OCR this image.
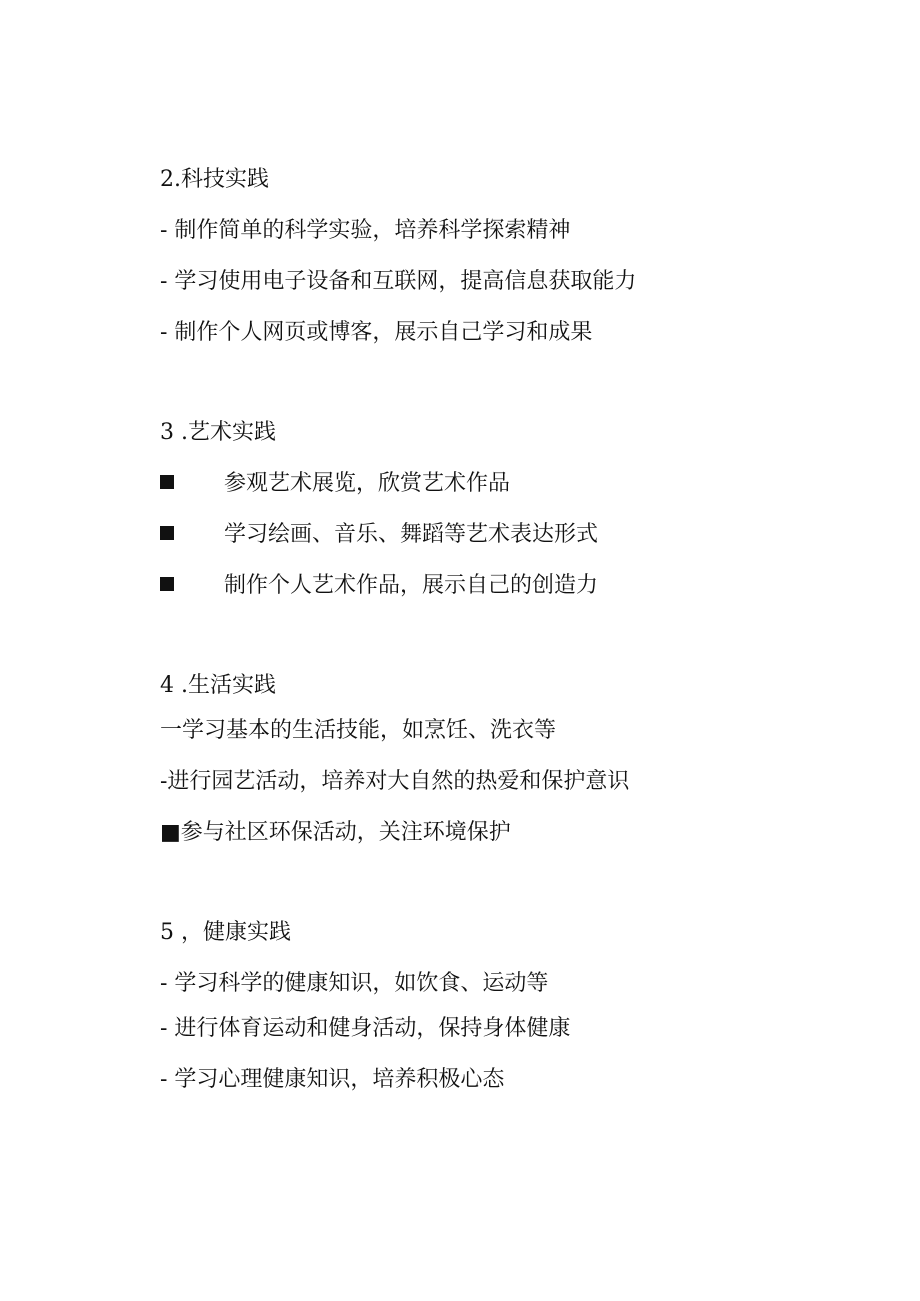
2.科技实践
- 制作简单的科学实验，培养科学探索精神
- 学习使用电子设备和互联网，提高信息获取能力
- 制作个人网页或博客，展示自己学习和成果
3 .艺术实践
参观艺术展览，欣赏艺术作品
学习绘画、音乐、舞蹈等艺术表达形式
制作个人艺术作品，展示自己的创造力
4 .生活实践
一学习基本的生活技能，如烹饪、洗衣等
-进行园艺活动，培养对大自然的热爱和保护意识
■参与社区环保活动，关注环境保护
5 ，健康实践
- 学习科学的健康知识，如饮食、运动等
- 进行体育运动和健身活动，保持身体健康
- 学习心理健康知识，培养积极心态
